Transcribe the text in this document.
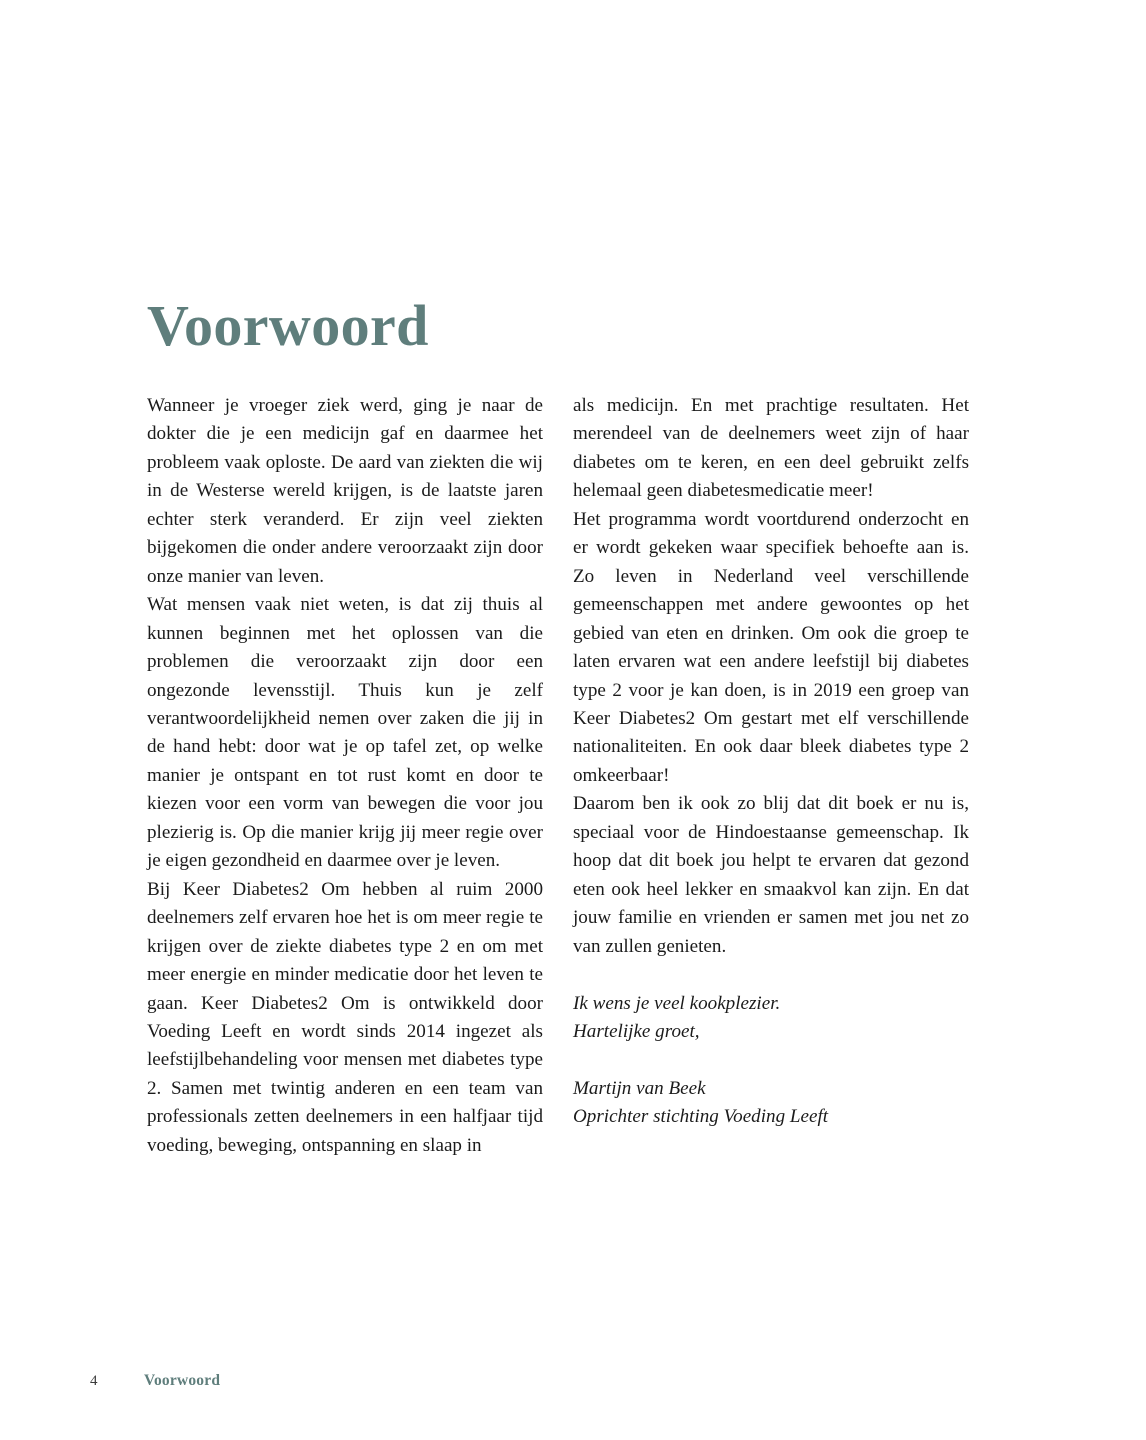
Voorwoord

Wanneer je vroeger ziek werd, ging je naar de dokter die je een medicijn gaf en daarmee het probleem vaak oploste. De aard van ziekten die wij in de Westerse wereld krijgen, is de laatste jaren echter sterk veranderd. Er zijn veel ziekten bijgekomen die onder andere veroorzaakt zijn door onze manier van leven.

Wat mensen vaak niet weten, is dat zij thuis al kunnen beginnen met het oplossen van die problemen die veroorzaakt zijn door een ongezonde levensstijl. Thuis kun je zelf verantwoordelijkheid nemen over zaken die jij in de hand hebt: door wat je op tafel zet, op welke manier je ontspant en tot rust komt en door te kiezen voor een vorm van bewegen die voor jou plezierig is. Op die manier krijg jij meer regie over je eigen gezondheid en daarmee over je leven.

Bij Keer Diabetes2 Om hebben al ruim 2000 deelnemers zelf ervaren hoe het is om meer regie te krijgen over de ziekte diabetes type 2 en om met meer energie en minder medicatie door het leven te gaan. Keer Diabetes2 Om is ontwikkeld door Voeding Leeft en wordt sinds 2014 ingezet als leefstijlbehandeling voor mensen met diabetes type 2. Samen met twintig anderen en een team van professionals zetten deelnemers in een halfjaar tijd voeding, beweging, ontspanning en slaap in

als medicijn. En met prachtige resultaten. Het merendeel van de deelnemers weet zijn of haar diabetes om te keren, en een deel gebruikt zelfs helemaal geen diabetesmedicatie meer!

Het programma wordt voortdurend onderzocht en er wordt gekeken waar specifiek behoefte aan is. Zo leven in Nederland veel verschillende gemeenschappen met andere gewoontes op het gebied van eten en drinken. Om ook die groep te laten ervaren wat een andere leefstijl bij diabetes type 2 voor je kan doen, is in 2019 een groep van Keer Diabetes2 Om gestart met elf verschillende nationaliteiten. En ook daar bleek diabetes type 2 omkeerbaar!

Daarom ben ik ook zo blij dat dit boek er nu is, speciaal voor de Hindoestaanse gemeenschap. Ik hoop dat dit boek jou helpt te ervaren dat gezond eten ook heel lekker en smaakvol kan zijn. En dat jouw familie en vrienden er samen met jou net zo van zullen genieten.

Ik wens je veel kookplezier.
Hartelijke groet,

Martijn van Beek
Oprichter stichting Voeding Leeft

4	Voorwoord
